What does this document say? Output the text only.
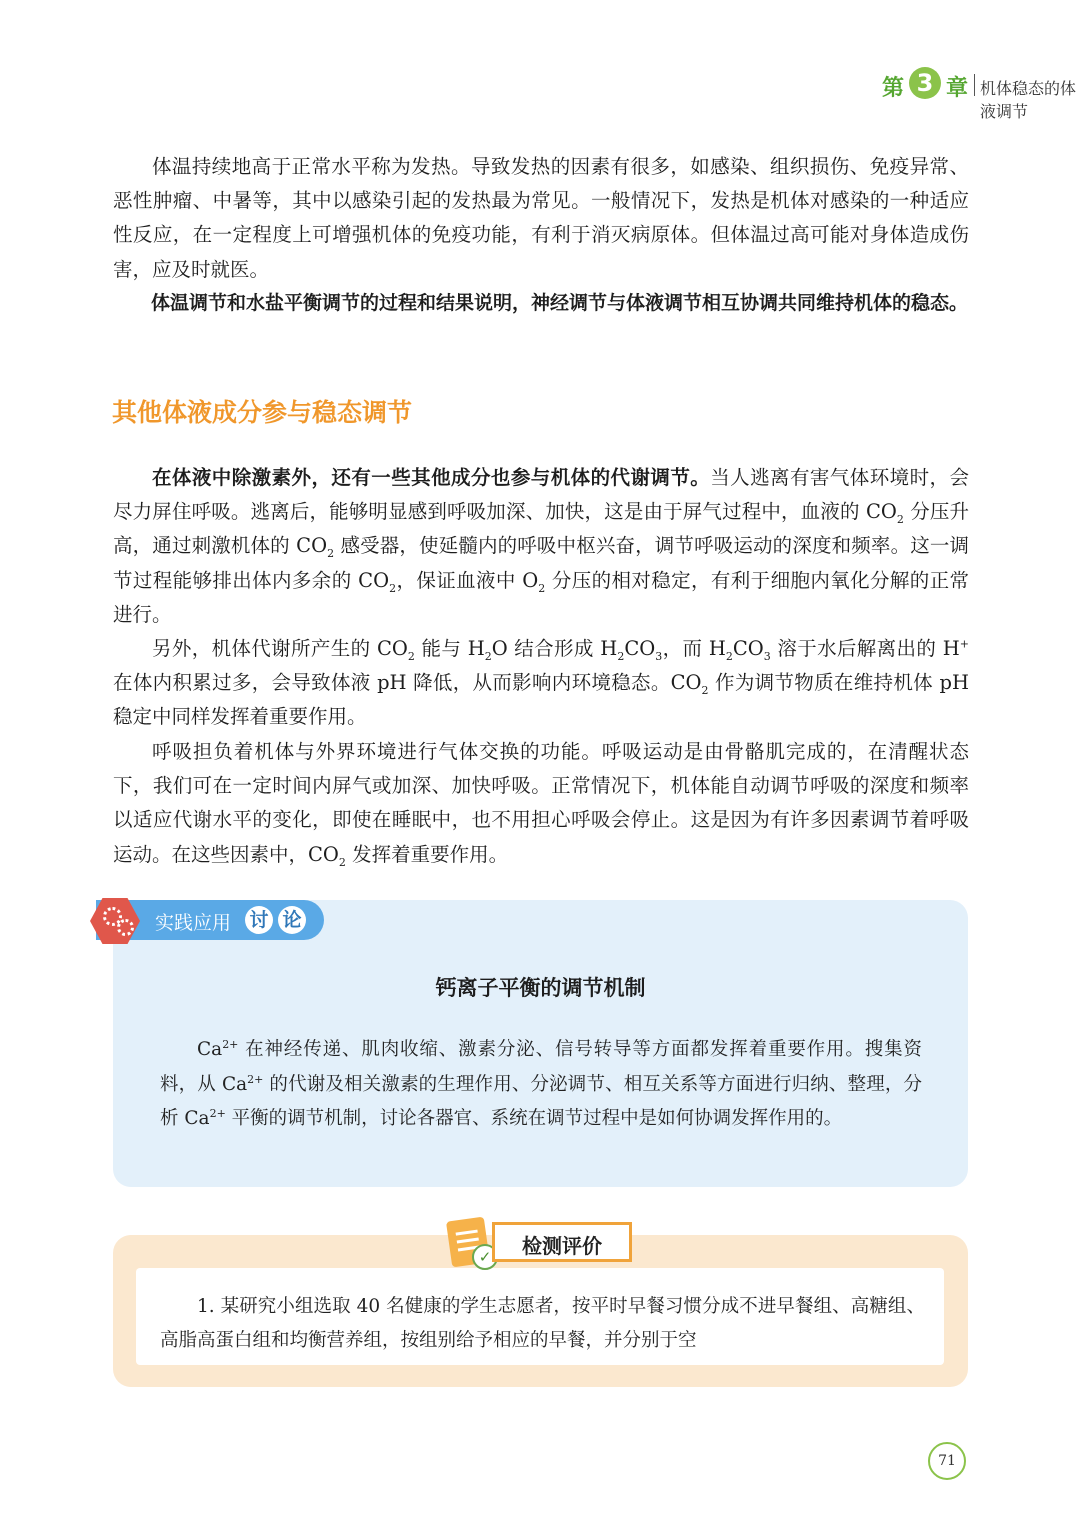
第 3 章 机体稳态的体液调节

体温持续地高于正常水平称为发热。导致发热的因素有很多，如感染、组织损伤、免疫异常、恶性肿瘤、中暑等，其中以感染引起的发热最为常见。一般情况下，发热是机体对感染的一种适应性反应，在一定程度上可增强机体的免疫功能，有利于消灭病原体。但体温过高可能对身体造成伤害，应及时就医。

体温调节和水盐平衡调节的过程和结果说明，神经调节与体液调节相互协调共同维持机体的稳态。

其他体液成分参与稳态调节

在体液中除激素外，还有一些其他成分也参与机体的代谢调节。当人逃离有害气体环境时，会尽力屏住呼吸。逃离后，能够明显感到呼吸加深、加快，这是由于屏气过程中，血液的 $CO_2$ 分压升高，通过刺激机体的 $CO_2$ 感受器，使延髓内的呼吸中枢兴奋，调节呼吸运动的深度和频率。这一调节过程能够排出体内多余的 $CO_2$，保证血液中 $O_2$ 分压的相对稳定，有利于细胞内氧化分解的正常进行。

另外，机体代谢所产生的 $CO_2$ 能与 $H_2O$ 结合形成 $H_2CO_3$，而 $H_2CO_3$ 溶于水后解离出的 H+ 在体内积累过多，会导致体液 pH 降低，从而影响内环境稳态。$CO_2$ 作为调节物质在维持机体 pH 稳定中同样发挥着重要作用。

呼吸担负着机体与外界环境进行气体交换的功能。呼吸运动是由骨骼肌完成的，在清醒状态下，我们可在一定时间内屏气或加深、加快呼吸。正常情况下，机体能自动调节呼吸的深度和频率以适应代谢水平的变化，即使在睡眠中，也不用担心呼吸会停止。这是因为有许多因素调节着呼吸运动。在这些因素中，$CO_2$ 发挥着重要作用。

实践应用 讨 论
钙离子平衡的调节机制

$Ca^{2+}$ 在神经传递、肌肉收缩、激素分泌、信号转导等方面都发挥着重要作用。搜集资料，从 $Ca^{2+}$ 的代谢及相关激素的生理作用、分泌调节、相互关系等方面进行归纳、整理，分析 $Ca^{2+}$ 平衡的调节机制，讨论各器官、系统在调节过程中是如何协调发挥作用的。

✓	检测评价

1. 某研究小组选取 40 名健康的学生志愿者，按平时早餐习惯分成不进早餐组、高糖组、高脂高蛋白组和均衡营养组，按组别给予相应的早餐，并分别于空

71
